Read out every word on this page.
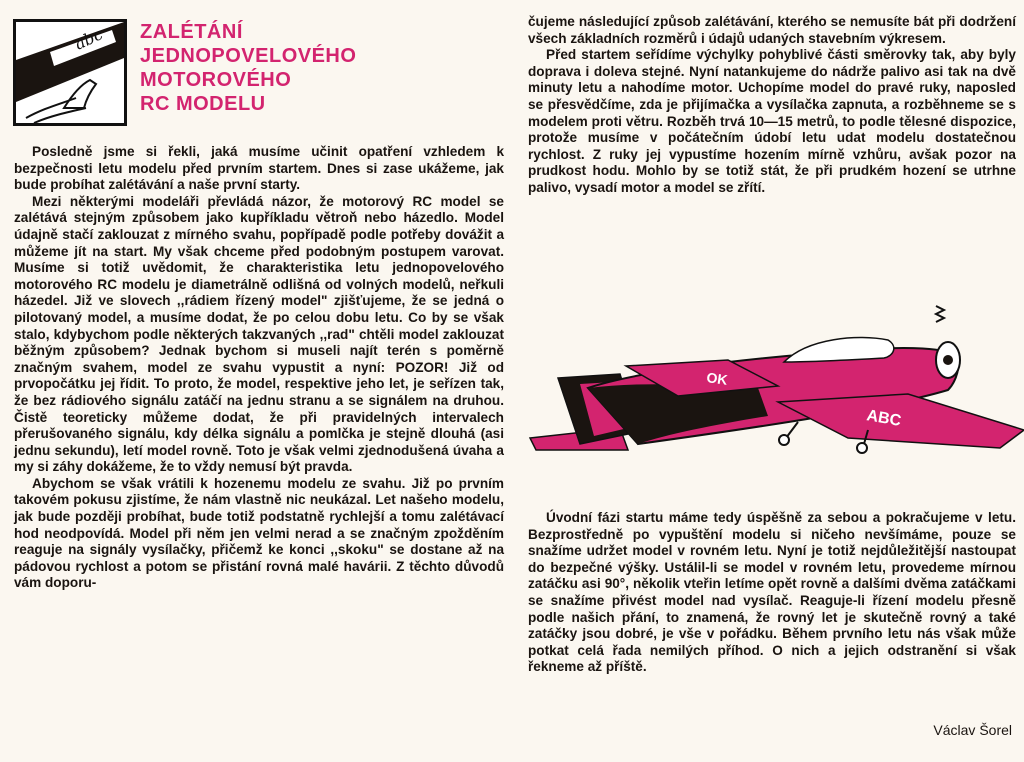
abc ZALÉTÁNÍ
JEDNOPOVELOVÉHO
MOTOROVÉHO
RC MODELU

Posledně jsme si řekli, jaká musíme učinit opatření vzhledem k bezpečnosti letu modelu před prvním startem. Dnes si zase ukážeme, jak bude probíhat zalétávání a naše první starty.

Mezi některými modeláři převládá názor, že motorový RC model se zalétává stejným způsobem jako kupříkladu větroň nebo házedlo. Model údajně stačí zaklouzat z mírného svahu, popřípadě podle potřeby dovážit a můžeme jít na start. My však chceme před podobným postupem varovat. Musíme si totiž uvědomit, že charakteristika letu jednopovelového motorového RC modelu je diametrálně odlišná od volných modelů, neřkuli házedel. Již ve slovech ,,rádiem řízený model" zjišťujeme, že se jedná o pilotovaný model, a musíme dodat, že po celou dobu letu. Co by se však stalo, kdybychom podle některých takzvaných ,,rad" chtěli model zaklouzat běžným způsobem? Jednak bychom si museli najít terén s poměrně značným svahem, model ze svahu vypustit a nyní: POZOR! Již od prvopočátku jej řídit. To proto, že model, respektive jeho let, je seřízen tak, že bez rádiového signálu zatáčí na jednu stranu a se signálem na druhou. Čistě teoreticky můžeme dodat, že při pravidelných intervalech přerušovaného signálu, kdy délka signálu a pomlčka je stejně dlouhá (asi jednu sekundu), letí model rovně. Toto je však velmi zjednodušená úvaha a my si záhy dokážeme, že to vždy nemusí být pravda.

Abychom se však vrátili k hozenemu modelu ze svahu. Již po prvním takovém pokusu zjistíme, že nám vlastně nic neukázal. Let našeho modelu, jak bude později probíhat, bude totiž podstatně rychlejší a tomu zalétávací hod neodpovídá. Model při něm jen velmi nerad a se značným zpožděním reaguje na signály vysílačky, přičemž ke konci ,,skoku" se dostane až na pádovou rychlost a potom se přistání rovná malé havárii. Z těchto důvodů vám doporu-

čujeme následující způsob zalétávání, kterého se nemusíte bát při dodržení všech základních rozměrů i údajů udaných stavebním výkresem.

Před startem seřídíme výchylky pohyblivé části směrovky tak, aby byly doprava i doleva stejné. Nyní natankujeme do nádrže palivo asi tak na dvě minuty letu a nahodíme motor. Uchopíme model do pravé ruky, naposled se přesvědčíme, zda je přijímačka a vysílačka zapnuta, a rozběhneme se s modelem proti větru. Rozběh trvá 10—15 metrů, to podle tělesné dispozice, protože musíme v počátečním údobí letu udat modelu dostatečnou rychlost. Z ruky jej vypustíme hozením mírně vzhůru, avšak pozor na prudkost hodu. Mohlo by se totiž stát, že při prudkém hození se utrhne palivo, vysadí motor a model se zřítí.

OK
ABC

Úvodní fázi startu máme tedy úspěšně za sebou a pokračujeme v letu. Bezprostředně po vypuštění modelu si ničeho nevšímáme, pouze se snažíme udržet model v rovném letu. Nyní je totiž nejdůležitější nastoupat do bezpečné výšky. Ustálil-li se model v rovném letu, provedeme mírnou zatáčku asi 90°, několik vteřin letíme opět rovně a dalšími dvěma zatáčkami se snažíme přivést model nad vysílač. Reaguje-li řízení modelu přesně podle našich přání, to znamená, že rovný let je skutečně rovný a také zatáčky jsou dobré, je vše v pořádku. Během prvního letu nás však může potkat celá řada nemilých příhod. O nich a jejich odstranění si však řekneme až příště.

Václav Šorel
